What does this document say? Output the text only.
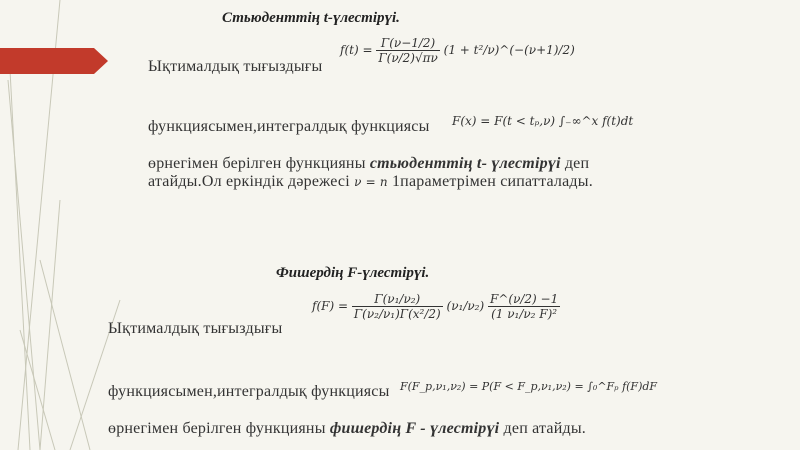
Стьюденттің t-үлестірүі.
Ықтималдық тығыздығы
$f(t) = \frac{\Gamma(\nu-1/2)}{\Gamma(\nu/2)√\pi\nu} (1$ + t²/ν)^(−(ν+1)/2)
функциясымен,интегралдық функциясы F(x) = F(t < tₚ,ν) ∫₋∞^x f(t)dt
өрнегімен берілген функцияны стьюденттің t- үлестірүі деп
атайды.Ол еркіндік дәрежесі ν = n 1параметрімен сипатталады.
Фишердің F-үлестірүі.
Ықтималдық тығыздығы
$f(F) = \frac{\text{Γ(ν₁/ν₂)}}{\text{Γ(ν₂/ν₁)Γ(x²/2)}} (\nu_1/\nu_2) \frac{F\^{}(\nu/2) -1}{\text{(1 ν₁/ν₂ F)²}}$
функциясымен,интегралдық функциясы F(F_p,ν₁,ν₂) = P(F < F_p,ν₁,ν₂) = ∫₀^Fₚ f(F)dF
өрнегімен берілген функцияны фишердің F - үлестірүі деп атайды.
